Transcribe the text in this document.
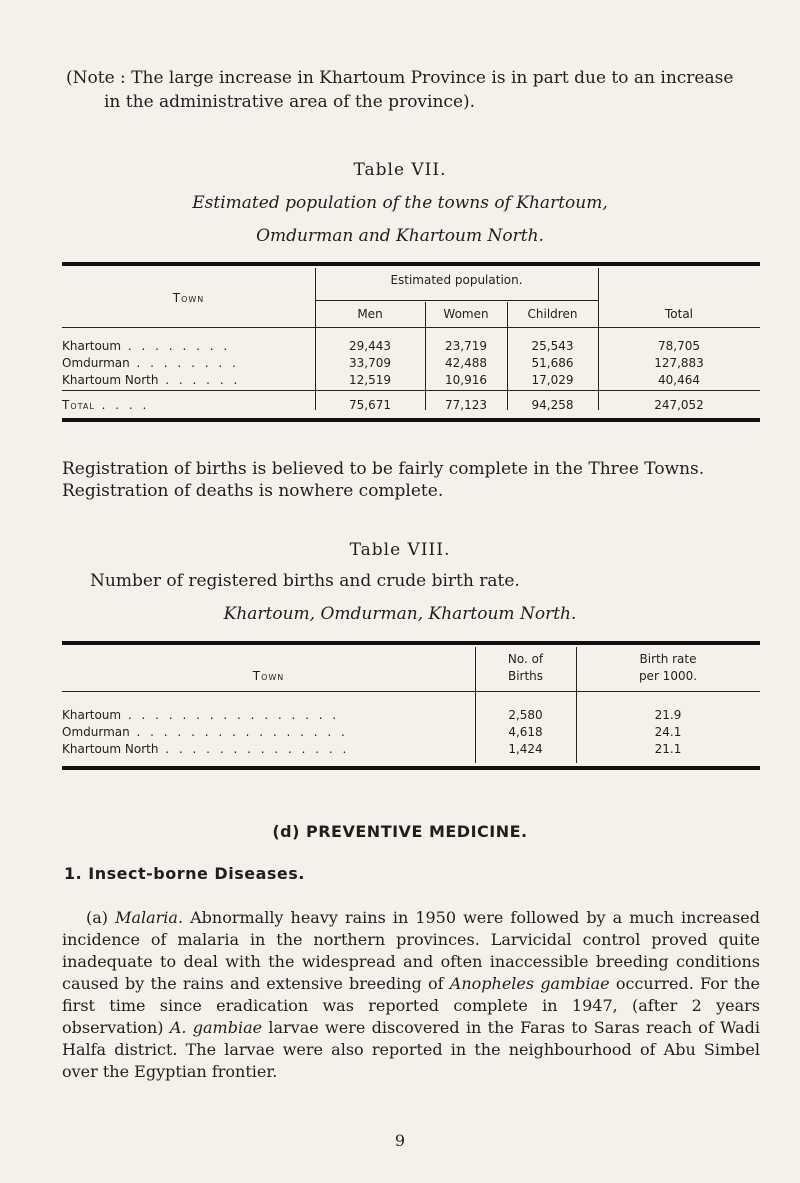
(Note : The large increase in Khartoum Province is in part due to an increase
in the administrative area of the province).
Table VII.
Estimated population of the towns of Khartoum,
Omdurman and Khartoum North.
Town
Estimated population.
Men	Women	Children	Total
Khartoum . . . . . . . .	29,443	23,719	25,543	78,705
Omdurman . . . . . . . .	33,709	42,488	51,686	127,883
Khartoum North . . . . . .	12,519	10,916	17,029	40,464
Total . . . .	75,671	77,123	94,258	247,052
Registration of births is believed to be fairly complete in the Three Towns.
Registration of deaths is nowhere complete.
Table VIII.
Number of registered births and crude birth rate.
Khartoum, Omdurman, Khartoum North.
Town
No. of
Births
Birth rate
per 1000.
Khartoum . . . . . . . . . . . . . . . .	2,580	21.9
Omdurman . . . . . . . . . . . . . . . .	4,618	24.1
Khartoum North . . . . . . . . . . . . . .	1,424	21.1
(d) PREVENTIVE MEDICINE.
1. Insect-borne Diseases.
(a) Malaria. Abnormally heavy rains in 1950 were followed by a much increased incidence of malaria in the northern provinces. Larvicidal control proved quite inadequate to deal with the widespread and often inaccessible breeding conditions caused by the rains and extensive breeding of Anopheles gambiae occurred. For the first time since eradication was reported complete in 1947, (after 2 years observation) A. gambiae larvae were discovered in the Faras to Saras reach of Wadi Halfa district. The larvae were also reported in the neighbourhood of Abu Simbel over the Egyptian frontier.
9
